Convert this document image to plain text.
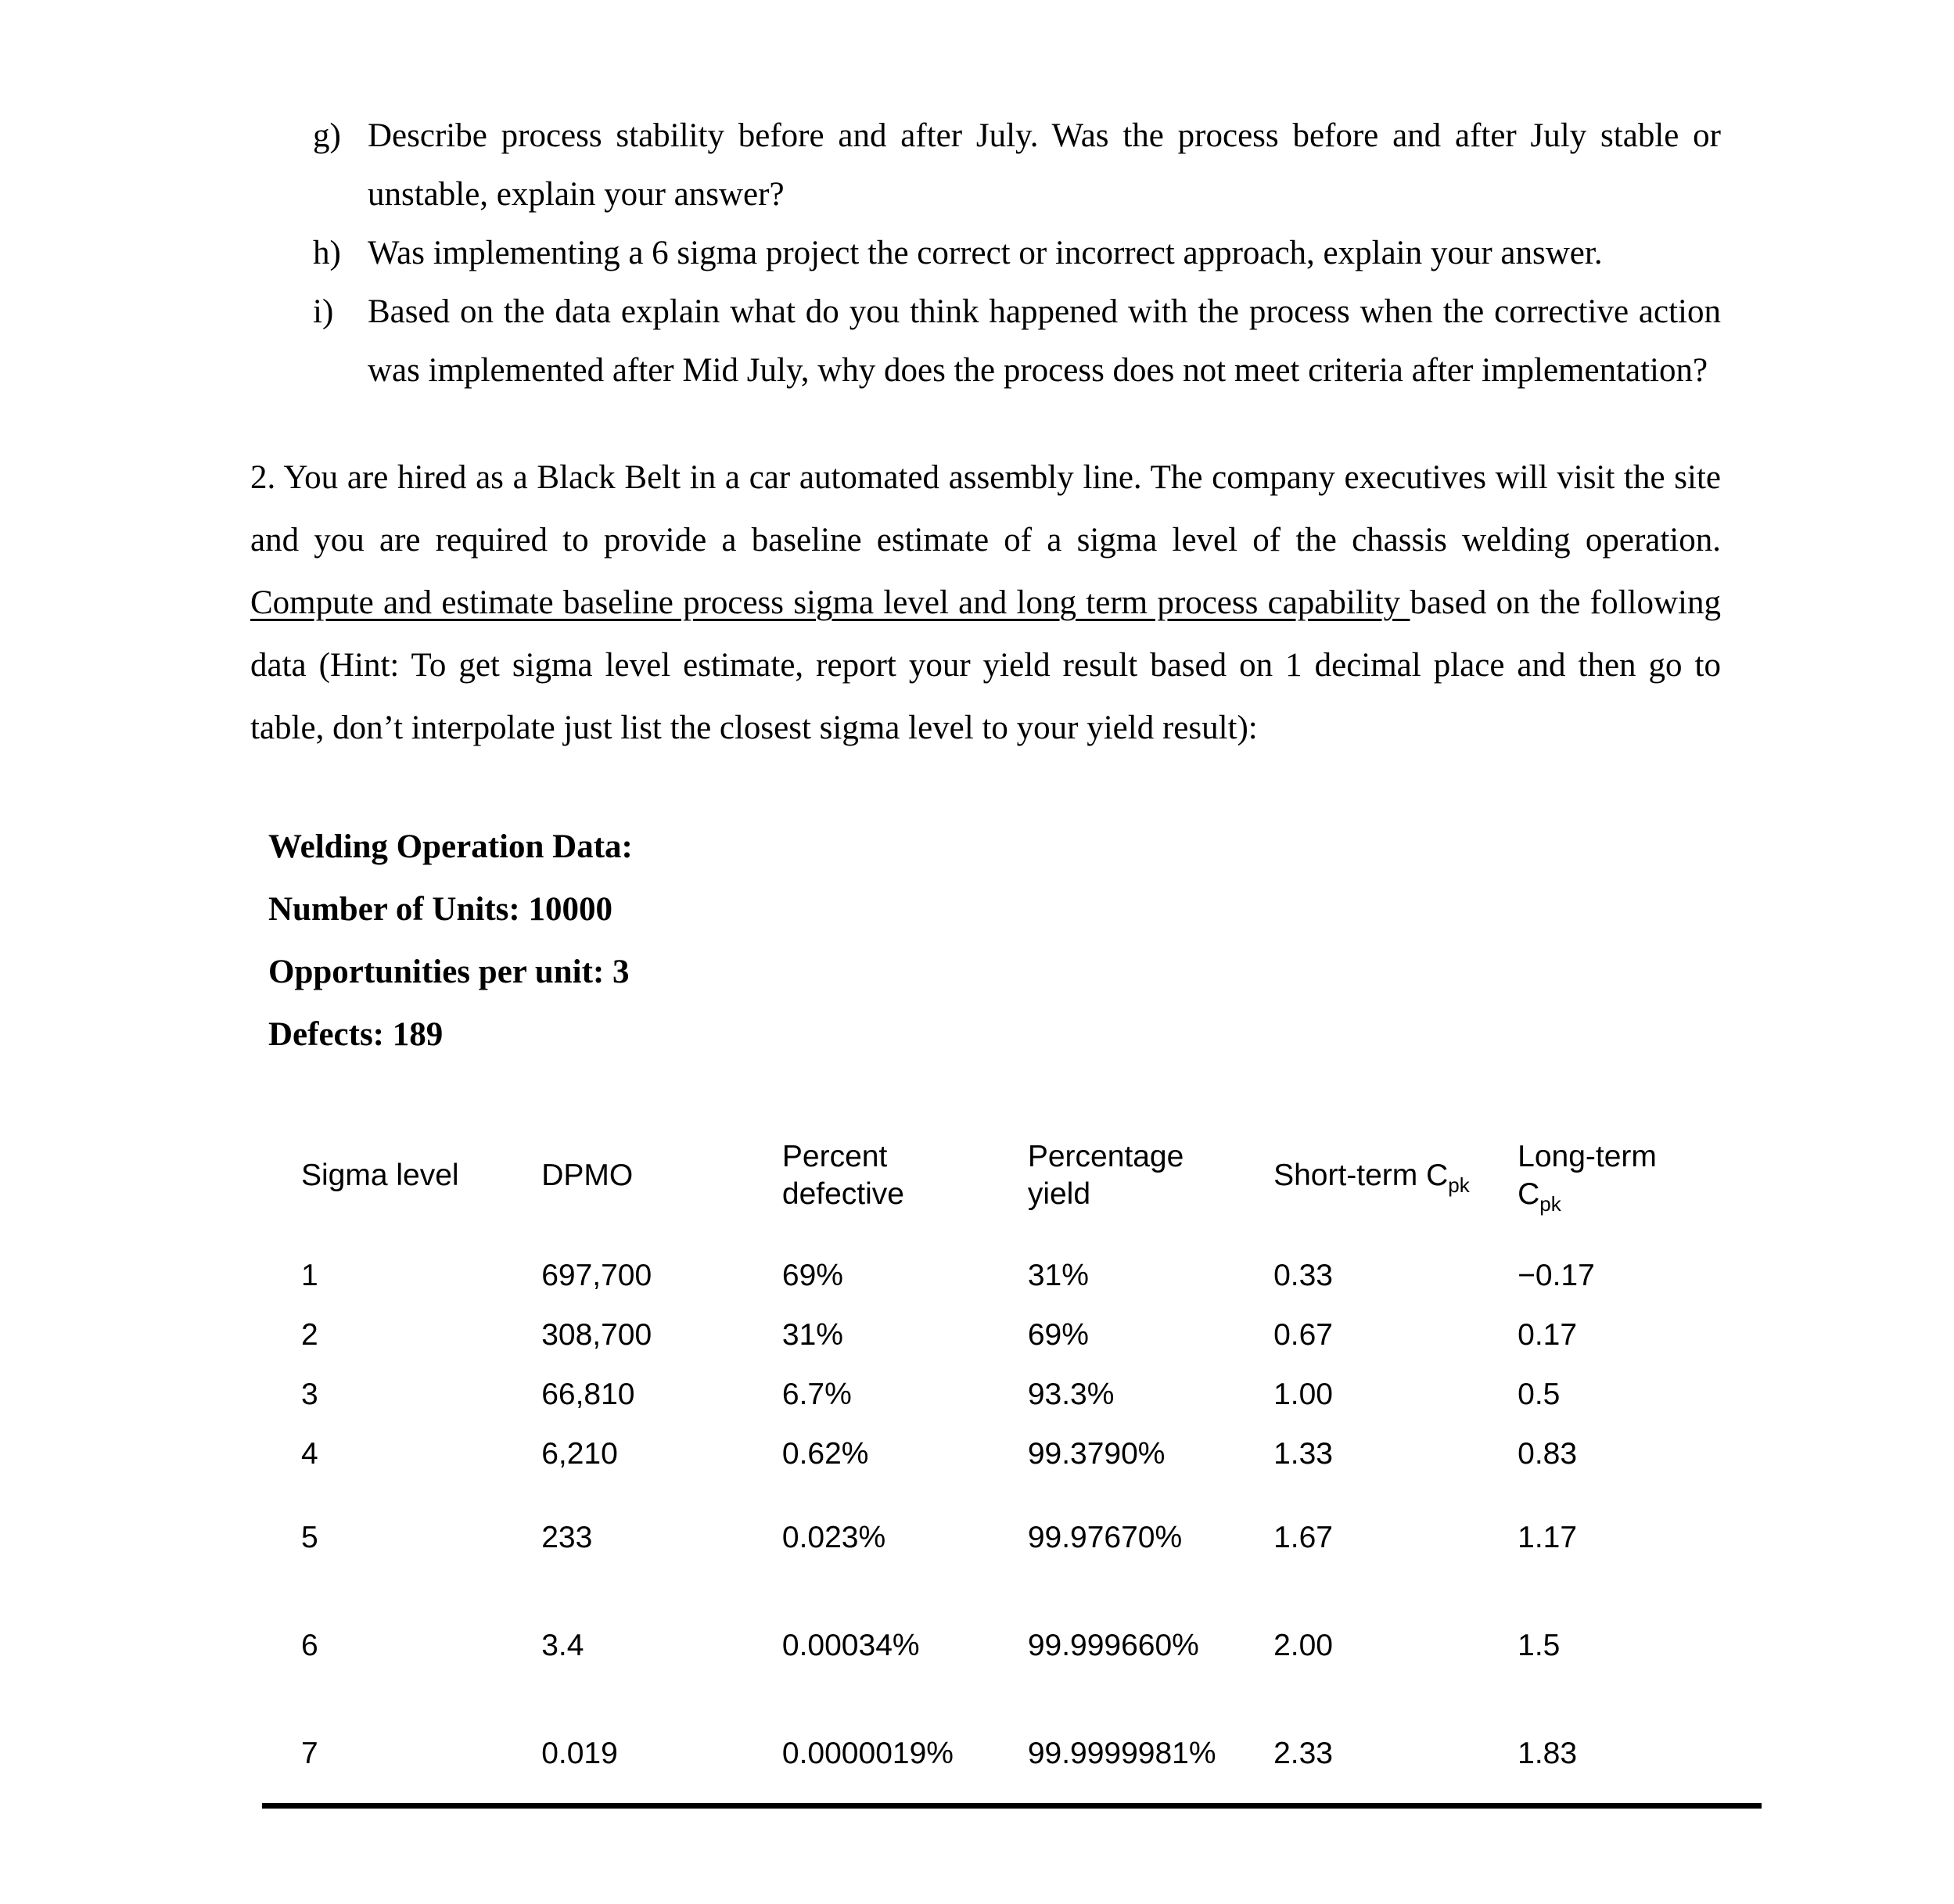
g) Describe process stability before and after July. Was the process before and after July stable or unstable, explain your answer?
h) Was implementing a 6 sigma project the correct or incorrect approach, explain your answer.
i)	Based on the data explain what do you think happened with the process when the corrective action was implemented after Mid July, why does the process does not meet criteria after implementation?
2. You are hired as a Black Belt in a car automated assembly line. The company executives will visit the site and you are required to provide a baseline estimate of a sigma level of the chassis welding operation. Compute and estimate baseline process sigma level and long term process capability based on the following data (Hint: To get sigma level estimate, report your yield result based on 1 decimal place and then go to table, don’t interpolate just list the closest sigma level to your yield result):
Welding Operation Data:
Number of Units: 10000
Opportunities per unit: 3
Defects: 189
Sigma level	DPMO	Percent defective	Percentage yield	Short-term $C_{pk}$	Long-term $C_{pk}$
1	697,700	69%	31%	0.33	−0.17
2	308,700	31%	69%	0.67	0.17
3	66,810	6.7%	93.3%	1.00	0.5
4	6,210	0.62%	99.3790%	1.33	0.83
5	233	0.023%	99.97670%	1.67	1.17
6	3.4	0.00034%	99.999660%	2.00	1.5
7	0.019	0.0000019%	99.9999981%	2.33	1.83
